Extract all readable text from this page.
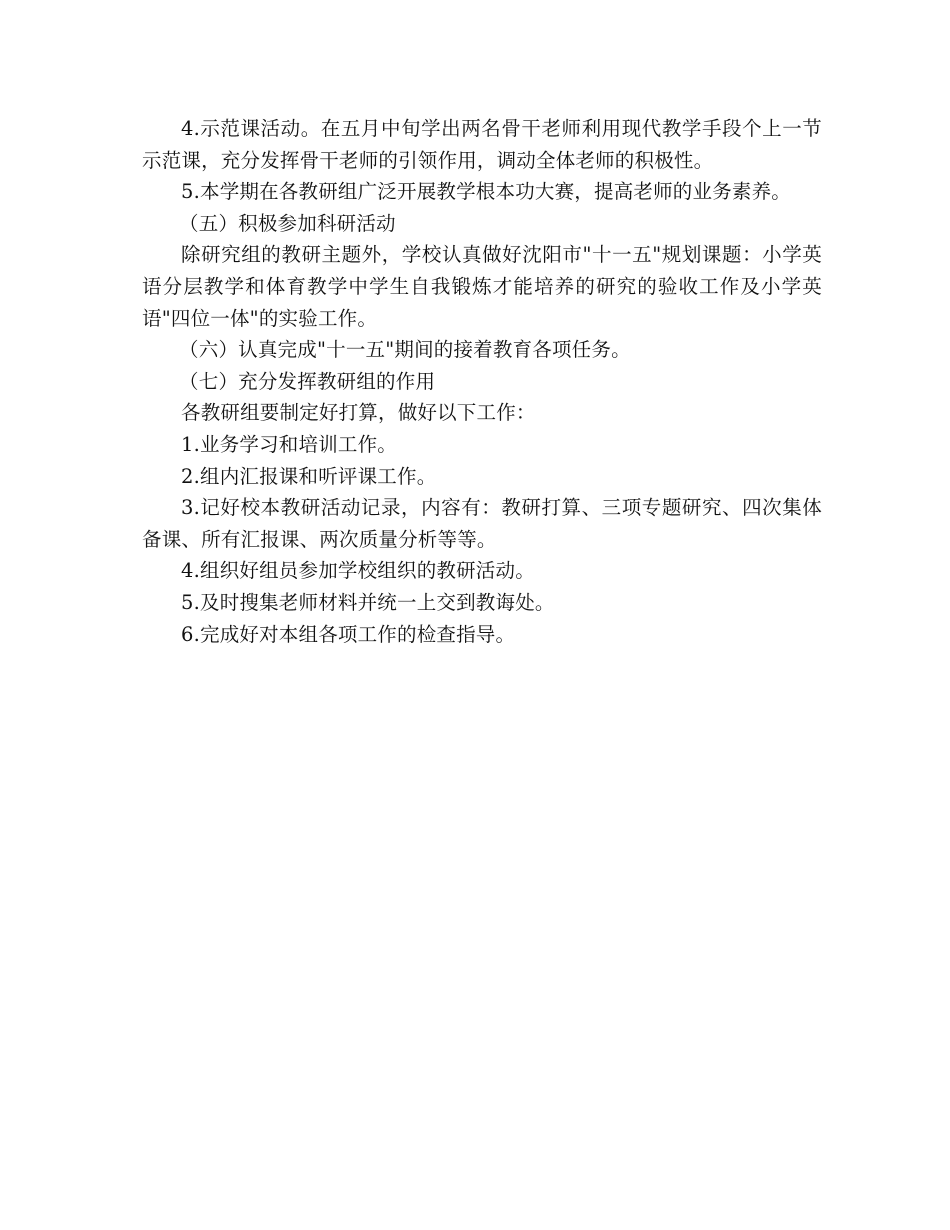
4.示范课活动。在五月中旬学出两名骨干老师利用现代教学手段个上一节示范课，充分发挥骨干老师的引领作用，调动全体老师的积极性。

5.本学期在各教研组广泛开展教学根本功大赛，提高老师的业务素养。

（五）积极参加科研活动

除研究组的教研主题外，学校认真做好沈阳市"十一五"规划课题：小学英语分层教学和体育教学中学生自我锻炼才能培养的研究的验收工作及小学英语"四位一体"的实验工作。

（六）认真完成"十一五"期间的接着教育各项任务。

（七）充分发挥教研组的作用

各教研组要制定好打算，做好以下工作：

1.业务学习和培训工作。

2.组内汇报课和听评课工作。

3.记好校本教研活动记录，内容有：教研打算、三项专题研究、四次集体备课、所有汇报课、两次质量分析等等。

4.组织好组员参加学校组织的教研活动。

5.及时搜集老师材料并统一上交到教诲处。

6.完成好对本组各项工作的检查指导。
